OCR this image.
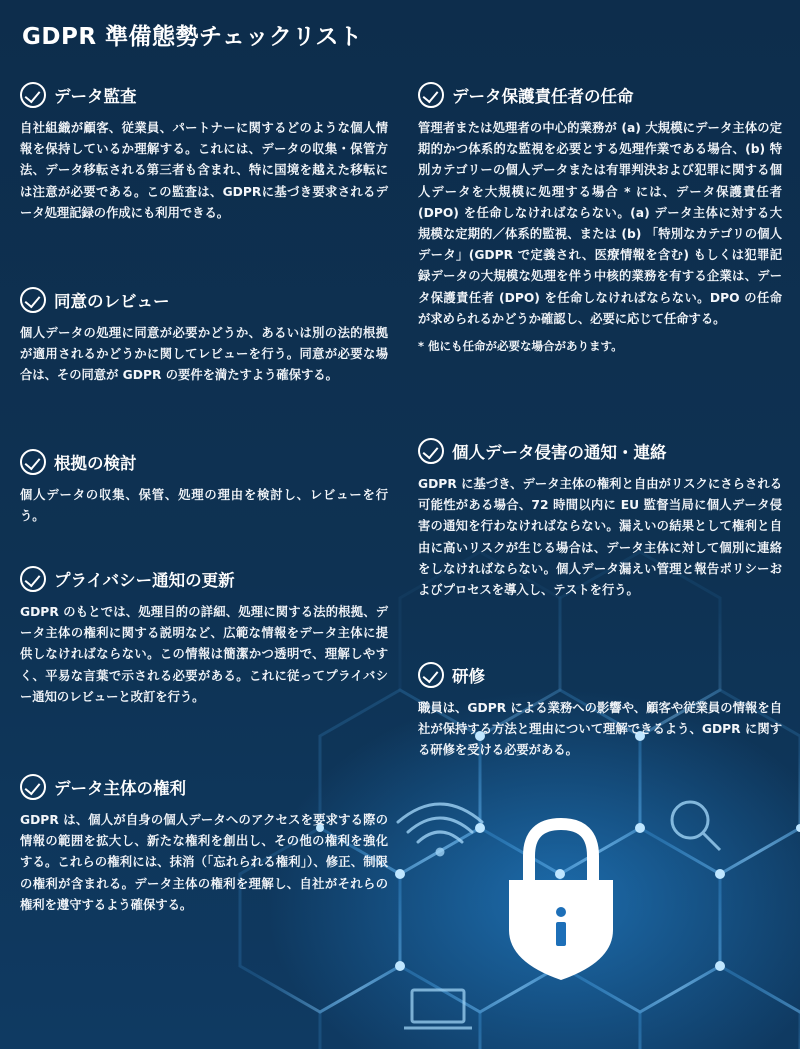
GDPR 準備態勢チェックリスト
データ監査

自社組織が顧客、従業員、パートナーに関するどのような個人情報を保持しているか理解する。これには、データの収集・保管方法、データ移転される第三者も含まれ、特に国境を越えた移転には注意が必要である。この監査は、GDPRに基づき要求されるデータ処理記録の作成にも利用できる。

同意のレビュー

個人データの処理に同意が必要かどうか、あるいは別の法的根拠が適用されるかどうかに関してレビューを行う。同意が必要な場合は、その同意が GDPR の要件を満たすよう確保する。

根拠の検討

個人データの収集、保管、処理の理由を検討し、レビューを行う。

プライバシー通知の更新

GDPR のもとでは、処理目的の詳細、処理に関する法的根拠、データ主体の権利に関する説明など、広範な情報をデータ主体に提供しなければならない。この情報は簡潔かつ透明で、理解しやすく、平易な言葉で示される必要がある。これに従ってプライバシー通知のレビューと改訂を行う。

データ主体の権利

GDPR は、個人が自身の個人データへのアクセスを要求する際の情報の範囲を拡大し、新たな権利を創出し、その他の権利を強化する。これらの権利には、抹消（「忘れられる権利」）、修正、制限の権利が含まれる。データ主体の権利を理解し、自社がそれらの権利を遵守するよう確保する。

データ保護責任者の任命

管理者または処理者の中心的業務が (a) 大規模にデータ主体の定期的かつ体系的な監視を必要とする処理作業である場合、(b) 特別カテゴリーの個人データまたは有罪判決および犯罪に関する個人データを大規模に処理する場合 * には、データ保護責任者 (DPO) を任命しなければならない。(a) データ主体に対する大規模な定期的／体系的監視、または (b) 「特別なカテゴリの個人データ」(GDPR で定義され、医療情報を含む) もしくは犯罪記録データの大規模な処理を伴う中核的業務を有する企業は、データ保護責任者 (DPO) を任命しなければならない。DPO の任命が求められるかどうか確認し、必要に応じて任命する。

* 他にも任命が必要な場合があります。

個人データ侵害の通知・連絡

GDPR に基づき、データ主体の権利と自由がリスクにさらされる可能性がある場合、72 時間以内に EU 監督当局に個人データ侵害の通知を行わなければならない。漏えいの結果として権利と自由に高いリスクが生じる場合は、データ主体に対して個別に連絡をしなければならない。個人データ漏えい管理と報告ポリシーおよびプロセスを導入し、テストを行う。

研修

職員は、GDPR による業務への影響や、顧客や従業員の情報を自社が保持する方法と理由について理解できるよう、GDPR に関する研修を受ける必要がある。
